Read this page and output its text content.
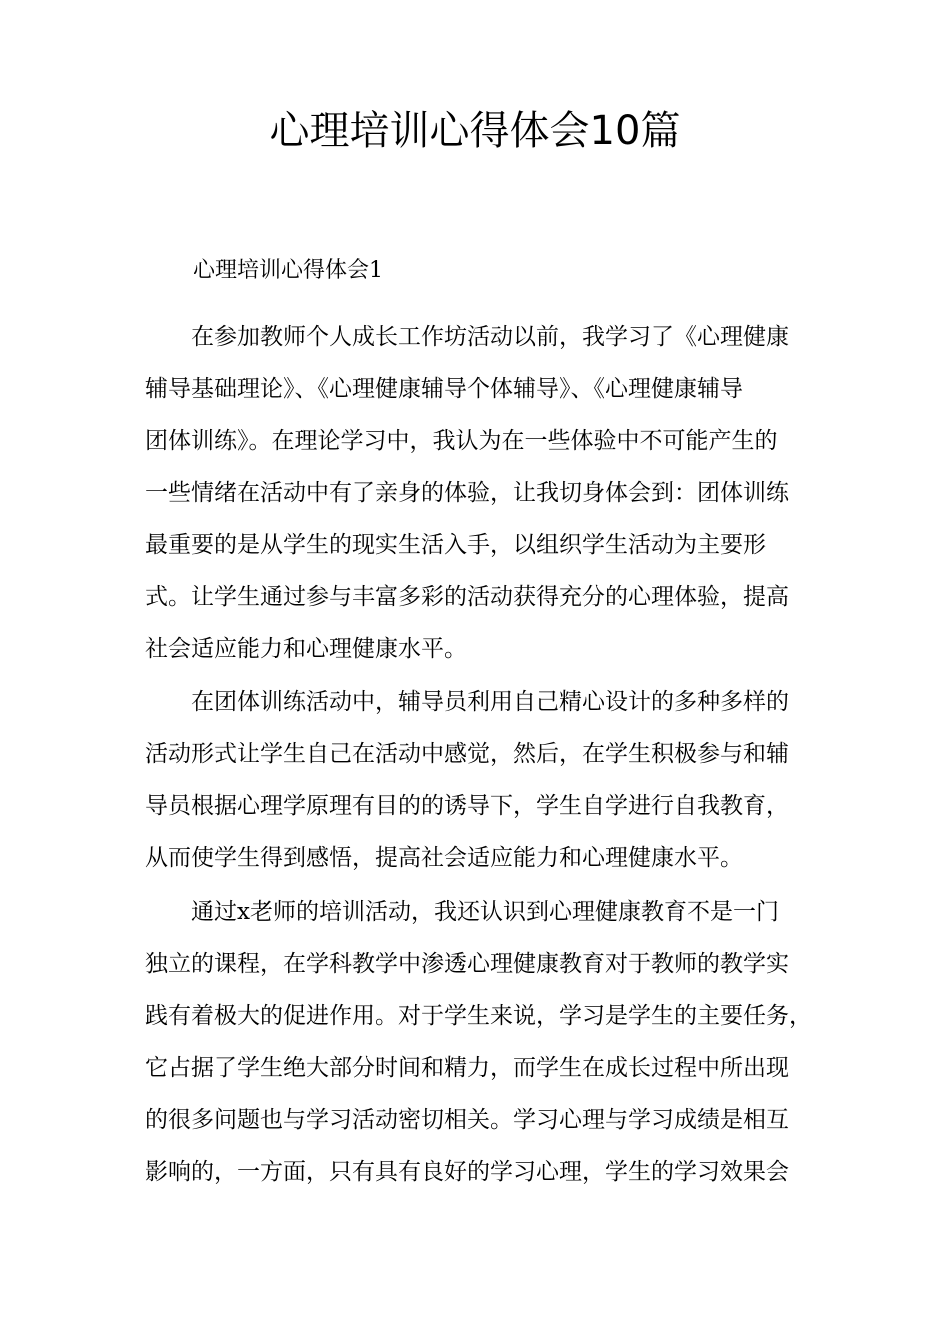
心理培训心得体会10篇
心理培训心得体会1
　　在参加教师个人成长工作坊活动以前，我学习了《心理健康
辅导基础理论》、《心理健康辅导个体辅导》、《心理健康辅导
团体训练》。在理论学习中，我认为在一些体验中不可能产生的
一些情绪在活动中有了亲身的体验，让我切身体会到：团体训练
最重要的是从学生的现实生活入手，以组织学生活动为主要形
式。让学生通过参与丰富多彩的活动获得充分的心理体验，提高
社会适应能力和心理健康水平。
　　在团体训练活动中，辅导员利用自己精心设计的多种多样的
活动形式让学生自己在活动中感觉，然后，在学生积极参与和辅
导员根据心理学原理有目的的诱导下，学生自学进行自我教育，
从而使学生得到感悟，提高社会适应能力和心理健康水平。
　　通过x老师的培训活动，我还认识到心理健康教育不是一门
独立的课程，在学科教学中渗透心理健康教育对于教师的教学实
践有着极大的促进作用。对于学生来说，学习是学生的主要任务，
它占据了学生绝大部分时间和精力，而学生在成长过程中所出现
的很多问题也与学习活动密切相关。学习心理与学习成绩是相互
影响的，一方面，只有具有良好的学习心理，学生的学习效果会
